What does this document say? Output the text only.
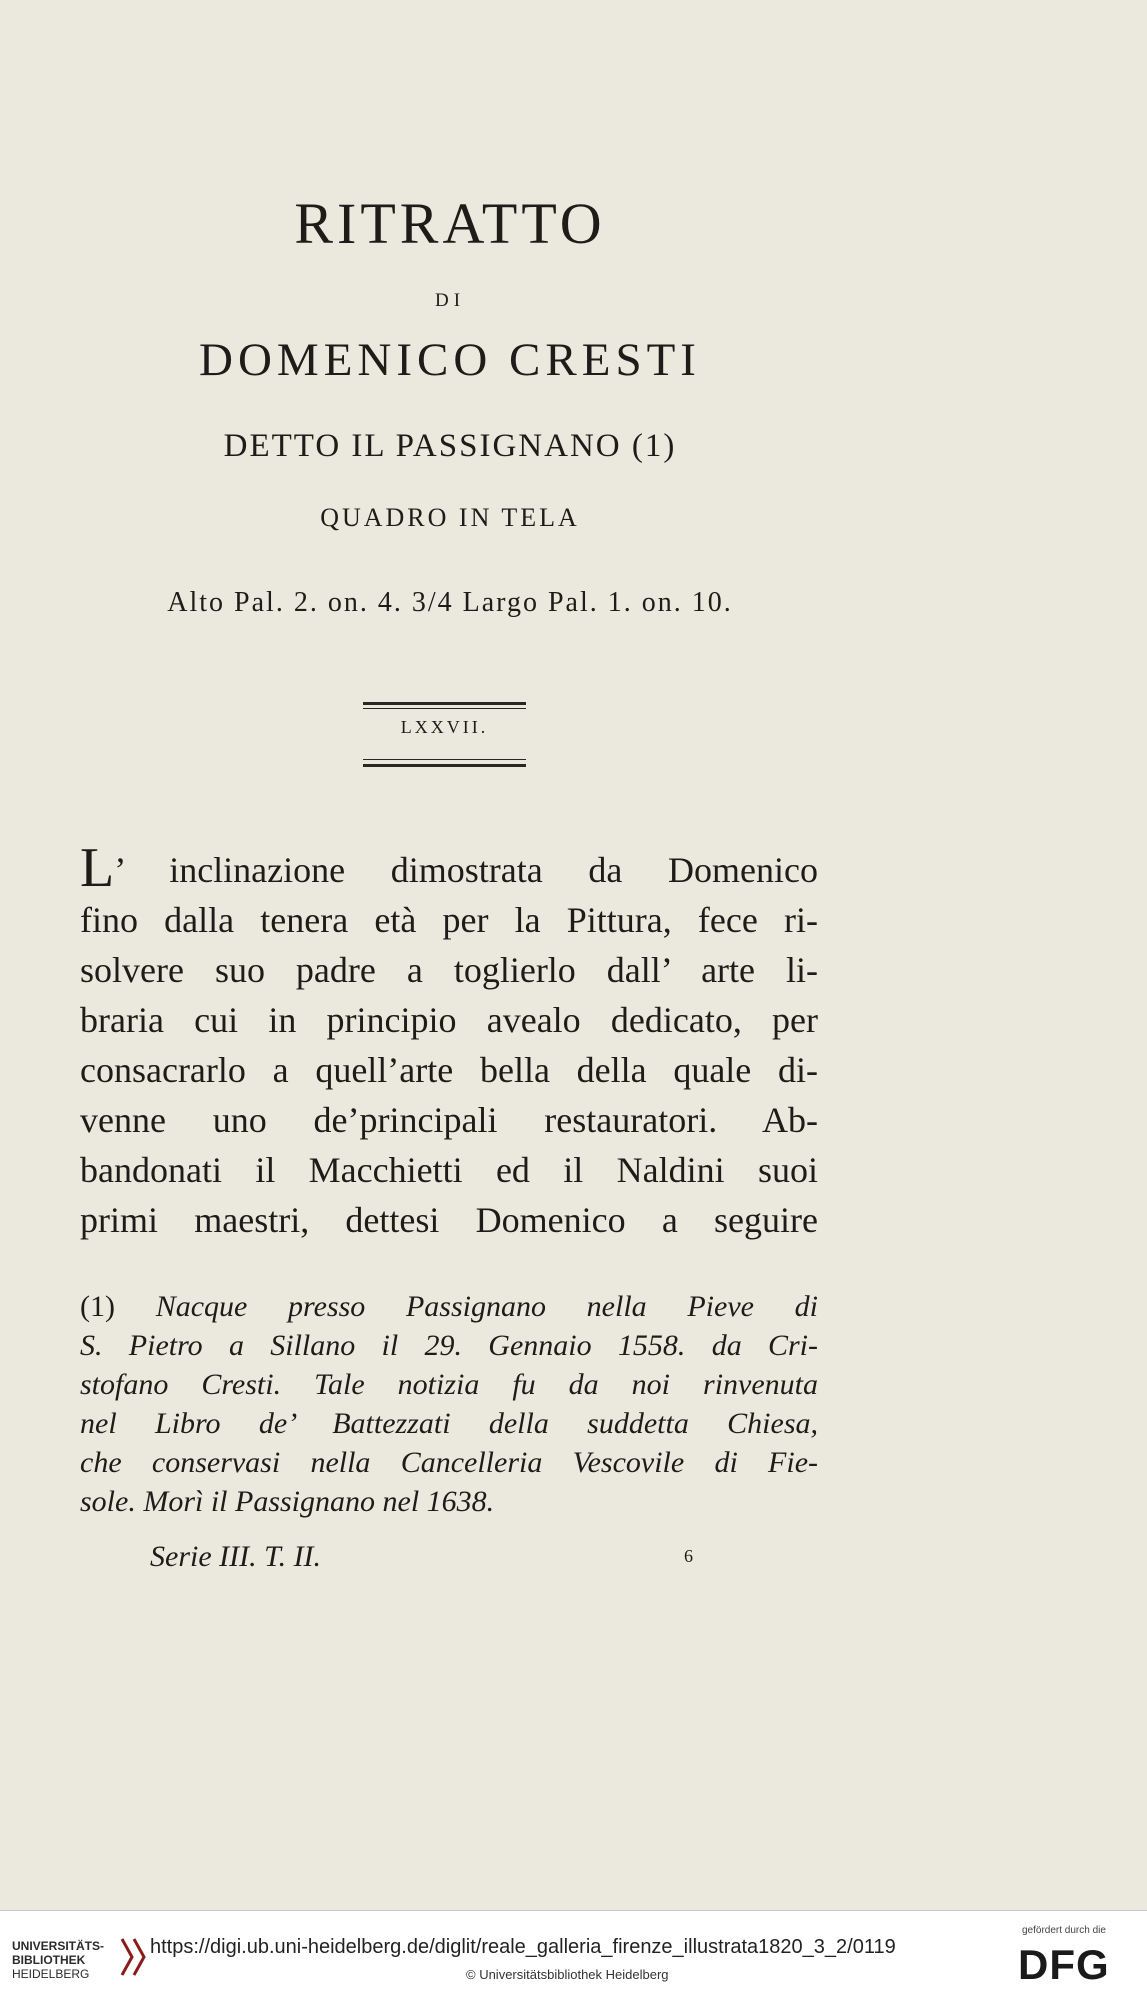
RITRATTO
DI
DOMENICO CRESTI
DETTO IL PASSIGNANO (1)
QUADRO IN TELA
Alto Pal. 2. on. 4. 3/4 Largo Pal. 1. on. 10.
LXXVII.
L’ inclinazione dimostrata da Domenico
fino dalla tenera età per la Pittura, fece ri-
solvere suo padre a toglierlo dall’ arte li-
braria cui in principio avealo dedicato, per
consacrarlo a quell’arte bella della quale di-
venne uno de’principali restauratori. Ab-
bandonati il Macchietti ed il Naldini suoi
primi maestri, dettesi Domenico a seguire
(1) Nacque presso Passignano nella Pieve di
S. Pietro a Sillano il 29. Gennaio 1558. da Cri-
stofano Cresti. Tale notizia fu da noi rinvenuta
nel Libro de’ Battezzati della suddetta Chiesa,
che conservasi nella Cancelleria Vescovile di Fie-
sole. Morì il Passignano nel 1638.
Serie III. T. II.	6
UNIVERSITÄTS-
BIBLIOTHEK
HEIDELBERG
https://digi.ub.uni-heidelberg.de/diglit/reale_galleria_firenze_illustrata1820_3_2/0119
© Universitätsbibliothek Heidelberg
gefördert durch die
DFG
